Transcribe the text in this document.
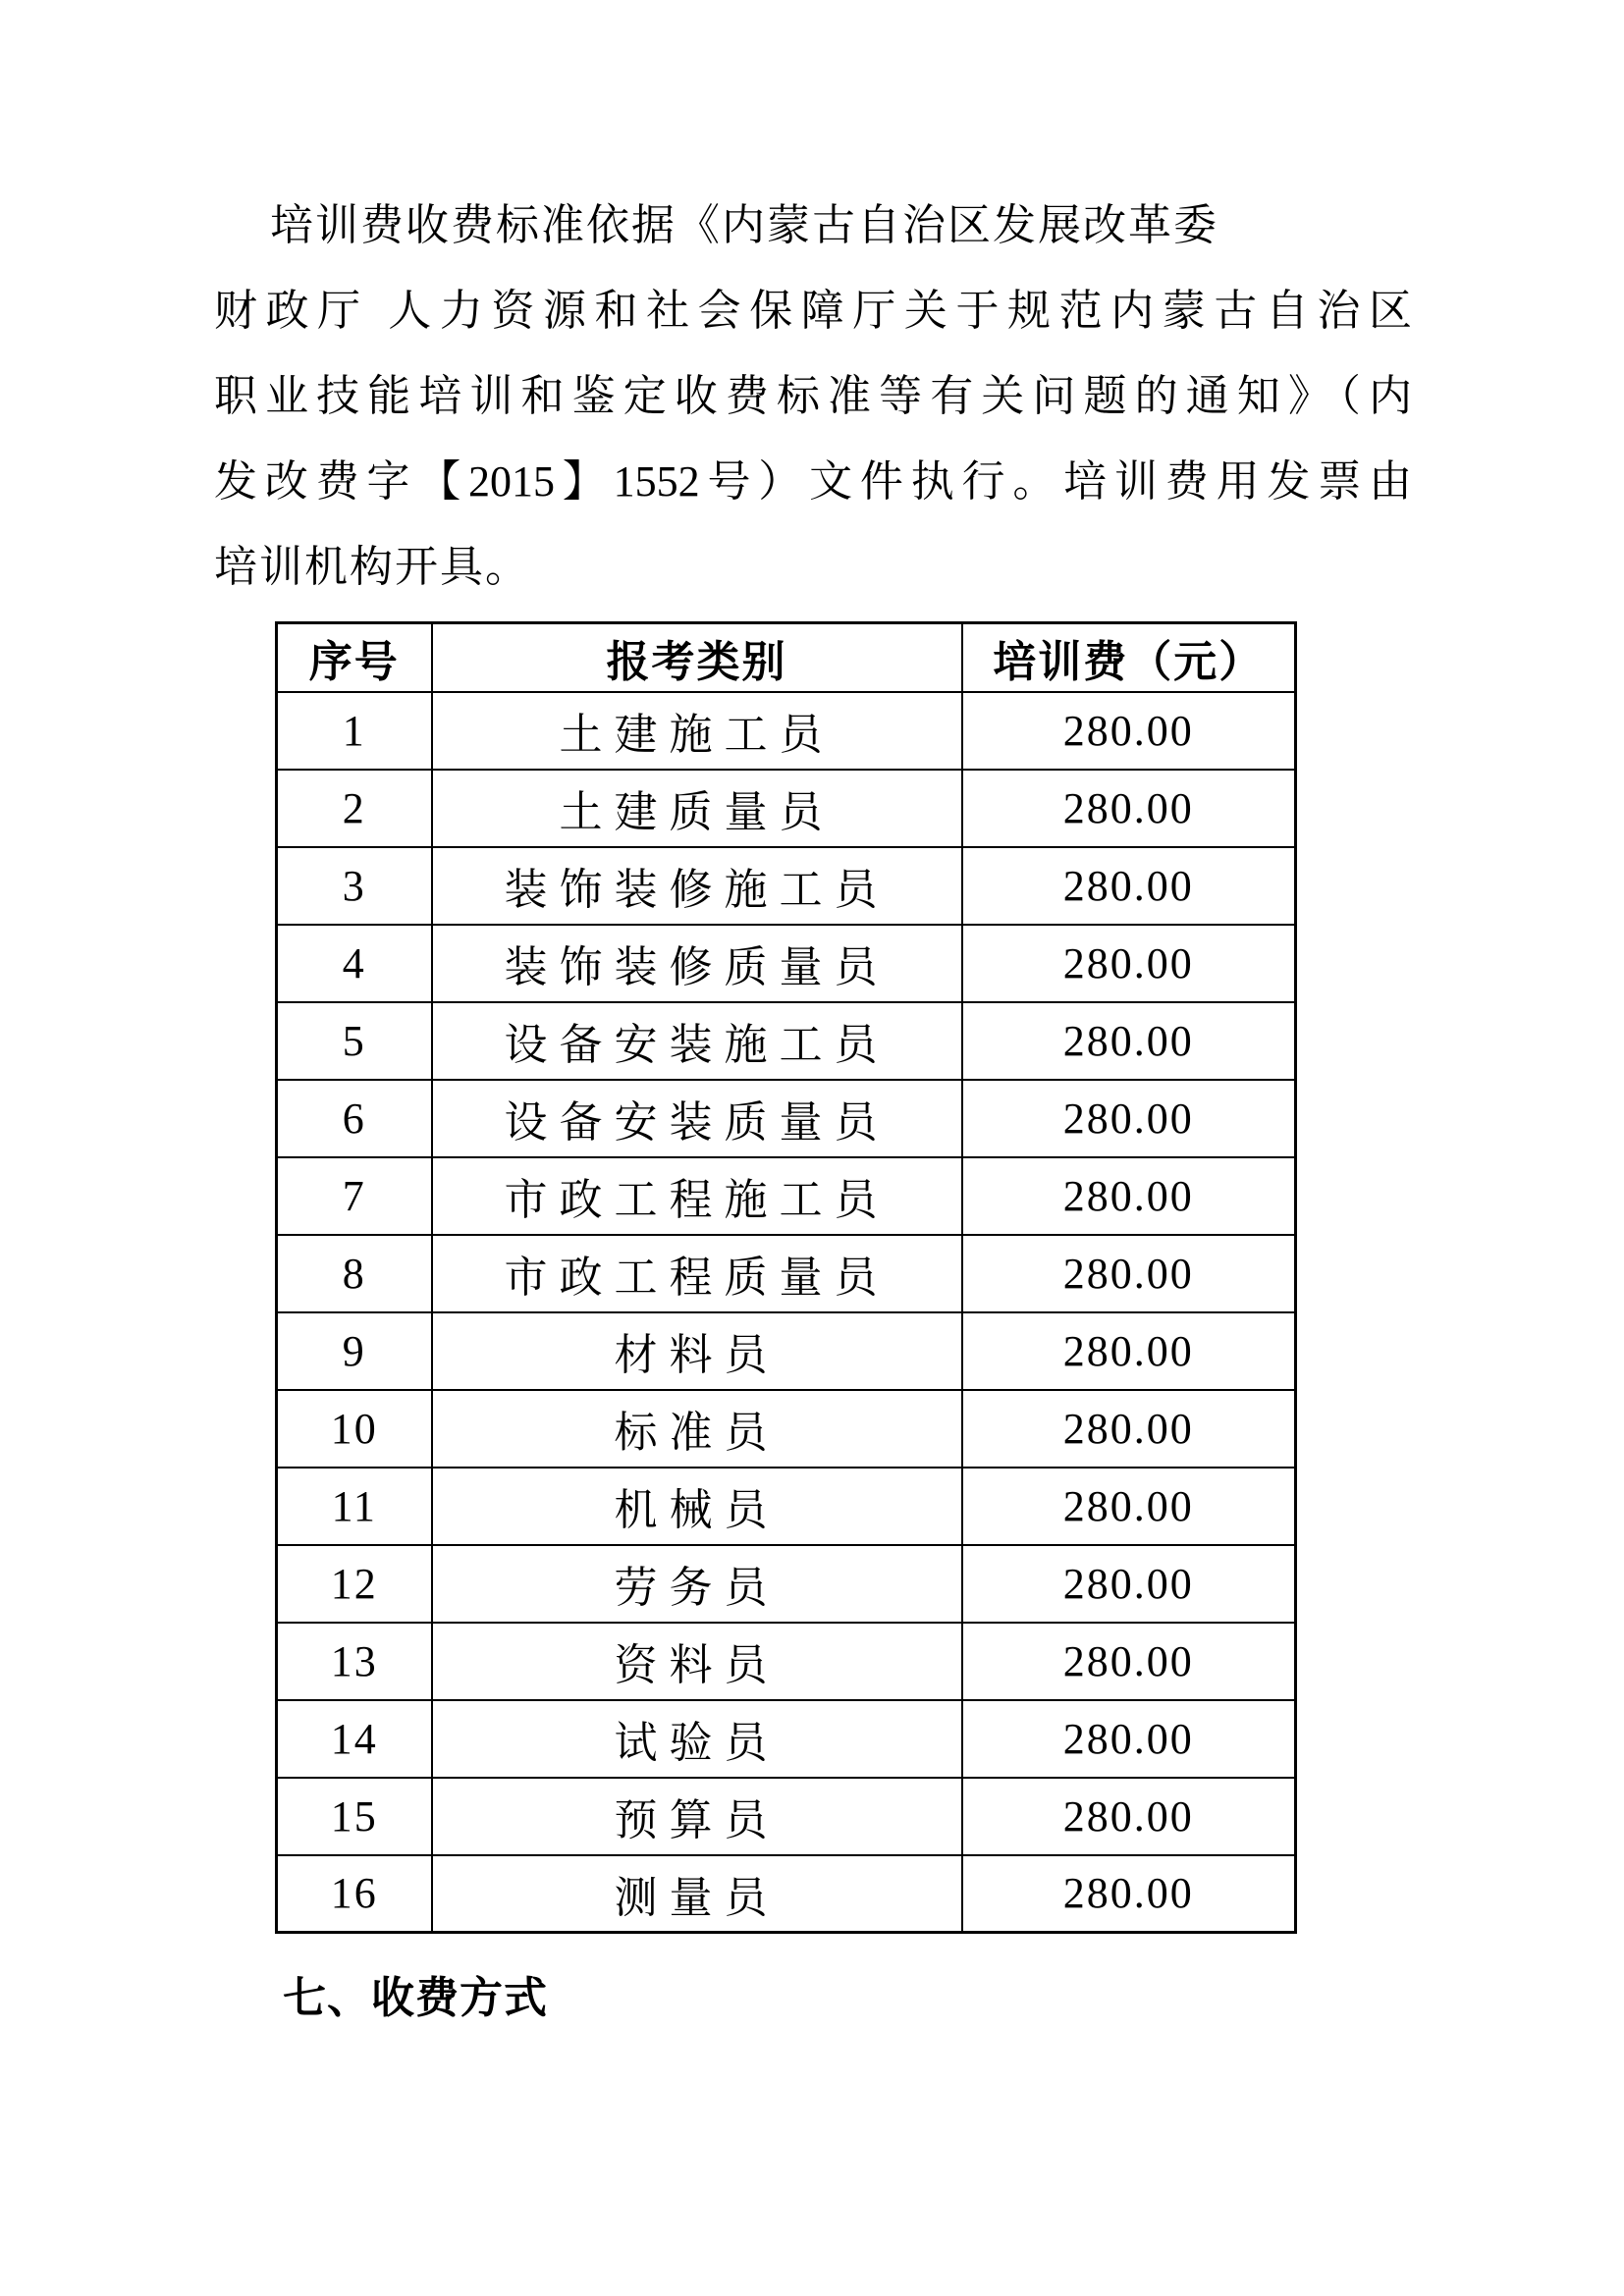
培训费收费标准依据《内蒙古自治区发展改革委
财政厅 人力资源和社会保障厅关于规范内蒙古自治区
职业技能培训和鉴定收费标准等有关问题的通知》（内
发改费字【2015】1552号）文件执行。培训费用发票由
培训机构开具。
序号	报考类别	培训费（元）
1	土建施工员	280.00
2	土建质量员	280.00
3	装饰装修施工员	280.00
4	装饰装修质量员	280.00
5	设备安装施工员	280.00
6	设备安装质量员	280.00
7	市政工程施工员	280.00
8	市政工程质量员	280.00
9	材料员	280.00
10	标准员	280.00
11	机械员	280.00
12	劳务员	280.00
13	资料员	280.00
14	试验员	280.00
15	预算员	280.00
16	测量员	280.00
七、收费方式
